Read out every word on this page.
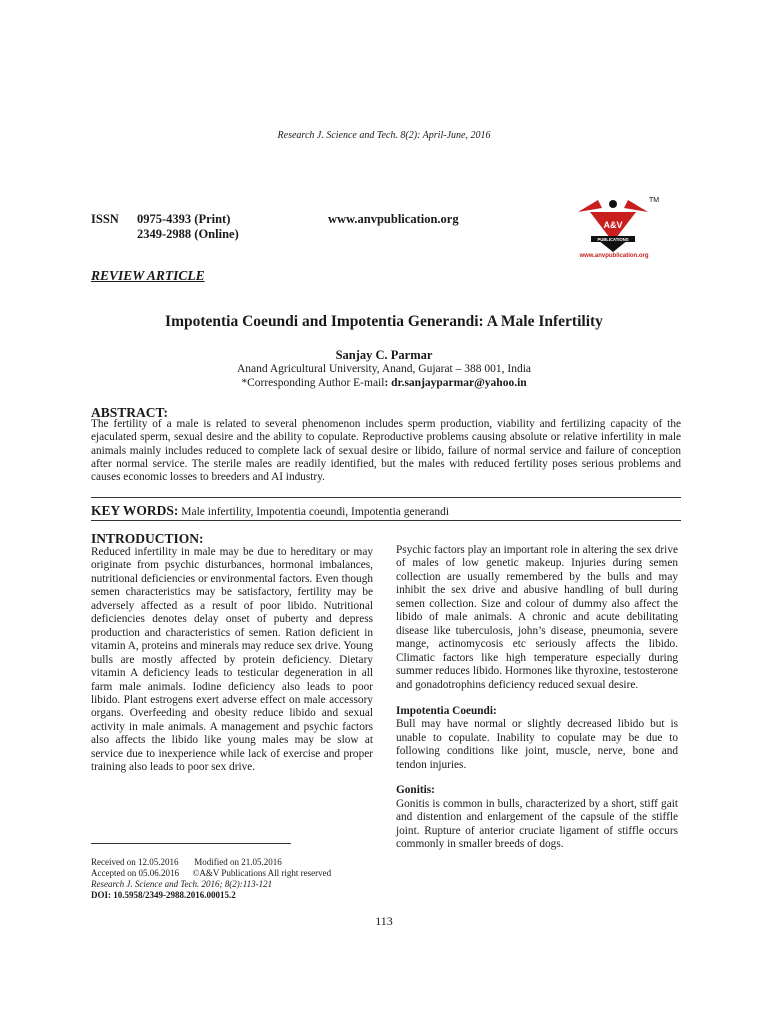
Research J. Science and Tech. 8(2): April-June, 2016
ISSN 0975-4393 (Print)
2349-2988 (Online)
www.anvpublication.org	A&V
PUBLICATIONS
TM
www.anvpublication.org
REVIEW ARTICLE
Impotentia Coeundi and Impotentia Generandi: A Male Infertility
Sanjay C. Parmar
Anand Agricultural University, Anand, Gujarat – 388 001, India
*Corresponding Author E-mail: dr.sanjayparmar@yahoo.in
ABSTRACT:
The fertility of a male is related to several phenomenon includes sperm production, viability and fertilizing capacity of the ejaculated sperm, sexual desire and the ability to copulate. Reproductive problems causing absolute or relative infertility in male animals mainly includes reduced to complete lack of sexual desire or libido, failure of normal service and failure of conception after normal service. The sterile males are readily identified, but the males with reduced fertility poses serious problems and causes economic losses to breeders and AI industry.
KEY WORDS: Male infertility, Impotentia coeundi, Impotentia generandi
INTRODUCTION:
Reduced infertility in male may be due to hereditary or may originate from psychic disturbances, hormonal imbalances, nutritional deficiencies or environmental factors. Even though semen characteristics may be satisfactory, fertility may be adversely affected as a result of poor libido. Nutritional deficiencies denotes delay onset of puberty and depress production and characteristics of semen. Ration deficient in vitamin A, proteins and minerals may reduce sex drive. Young bulls are mostly affected by protein deficiency. Dietary vitamin A deficiency leads to testicular degeneration in all farm male animals. Iodine deficiency also leads to poor libido. Plant estrogens exert adverse effect on male accessory organs. Overfeeding and obesity reduce libido and sexual activity in male animals. A management and psychic factors also affects the libido like young males may be slow at service due to inexperience while lack of exercise and proper training also leads to poor sex drive.
Psychic factors play an important role in altering the sex drive of males of low genetic makeup. Injuries during semen collection are usually remembered by the bulls and may inhibit the sex drive and abusive handling of bull during semen collection. Size and colour of dummy also affect the libido of male animals. A chronic and acute debilitating disease like tuberculosis, john’s disease, pneumonia, severe mange, actinomycosis etc seriously affects the libido. Climatic factors like high temperature especially during summer reduces libido. Hormones like thyroxine, testosterone and gonadotrophins deficiency reduced sexual desire.
Impotentia Coeundi:
Bull may have normal or slightly decreased libido but is unable to copulate. Inability to copulate may be due to following conditions like joint, muscle, nerve, bone and tendon injuries.
Gonitis:
Gonitis is common in bulls, characterized by a short, stiff gait and distention and enlargement of the capsule of the stiffle joint. Rupture of anterior cruciate ligament of stiffle occurs commonly in smaller breeds of dogs.
Received on 12.05.2016 Modified on 21.05.2016
Accepted on 05.06.2016 ©A&V Publications All right reserved
Research J. Science and Tech. 2016; 8(2):113-121
DOI: 10.5958/2349-2988.2016.00015.2
113
